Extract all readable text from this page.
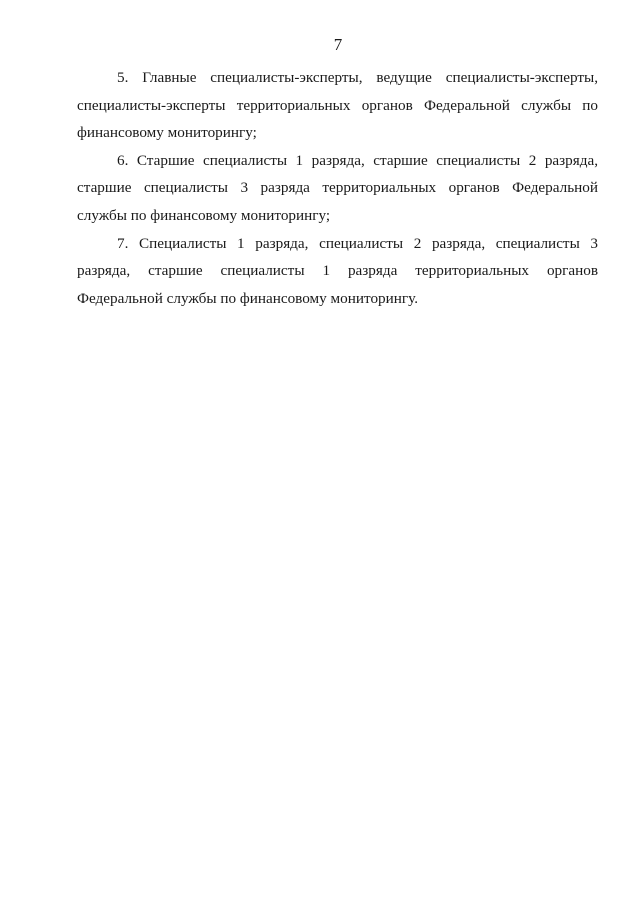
7

5. Главные специалисты-эксперты, ведущие специалисты-эксперты, специалисты-эксперты территориальных органов Федеральной службы по финансовому мониторингу;

6. Старшие специалисты 1 разряда, старшие специалисты 2 разряда, старшие специалисты 3 разряда территориальных органов Федеральной службы по финансовому мониторингу;

7. Специалисты 1 разряда, специалисты 2 разряда, специалисты 3 разряда, старшие специалисты 1 разряда территориальных органов Федеральной службы по финансовому мониторингу.
